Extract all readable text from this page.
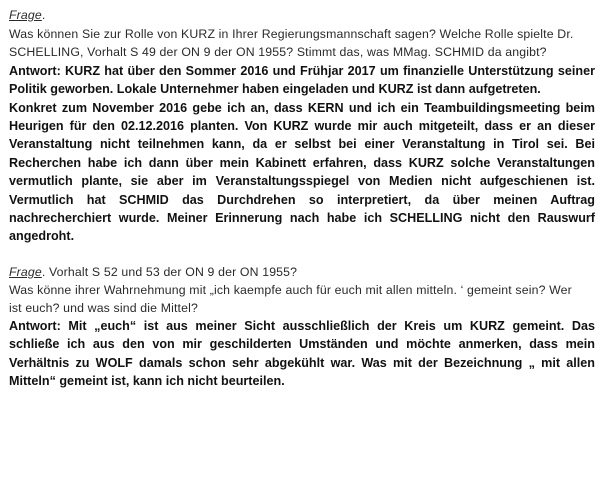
Frage.
Was können Sie zur Rolle von KURZ in Ihrer Regierungsmannschaft sagen? Welche Rolle spielte Dr.
SCHELLING, Vorhalt S 49 der ON 9 der ON 1955? Stimmt das, was MMag. SCHMID da angibt?
Antwort: KURZ hat über den Sommer 2016 und Frühjar 2017 um finanzielle Unterstützung seiner
Politik geworben. Lokale Unternehmer haben eingeladen und KURZ ist dann aufgetreten.
Konkret zum November 2016 gebe ich an, dass KERN und ich ein Teambuildingsmeeting beim
Heurigen für den 02.12.2016 planten. Von KURZ wurde mir auch mitgeteilt, dass er an dieser
Veranstaltung nicht teilnehmen kann, da er selbst bei einer Veranstaltung in Tirol sei. Bei
Recherchen habe ich dann über mein Kabinett erfahren, dass KURZ solche Veranstaltungen
vermutlich plante, sie aber im Veranstaltungsspiegel von Medien nicht aufgeschienen ist.
Vermutlich hat SCHMID das Durchdrehen so interpretiert, da über meinen Auftrag
nachrecherchiert wurde. Meiner Erinnerung nach habe ich SCHELLING nicht den Rauswurf
angedroht.
Frage. Vorhalt S 52 und 53 der ON 9 der ON 1955?
Was könne ihrer Wahrnehmung mit „ich kaempfe auch für euch mit allen mitteln. ‘ gemeint sein? Wer
ist euch? und was sind die Mittel?
Antwort: Mit „euch“ ist aus meiner Sicht ausschließlich der Kreis um KURZ gemeint. Das
schließe ich aus den von mir geschilderten Umständen und möchte anmerken, dass mein
Verhältnis zu WOLF damals schon sehr abgekühlt war. Was mit der Bezeichnung „ mit allen
Mitteln“ gemeint ist, kann ich nicht beurteilen.
